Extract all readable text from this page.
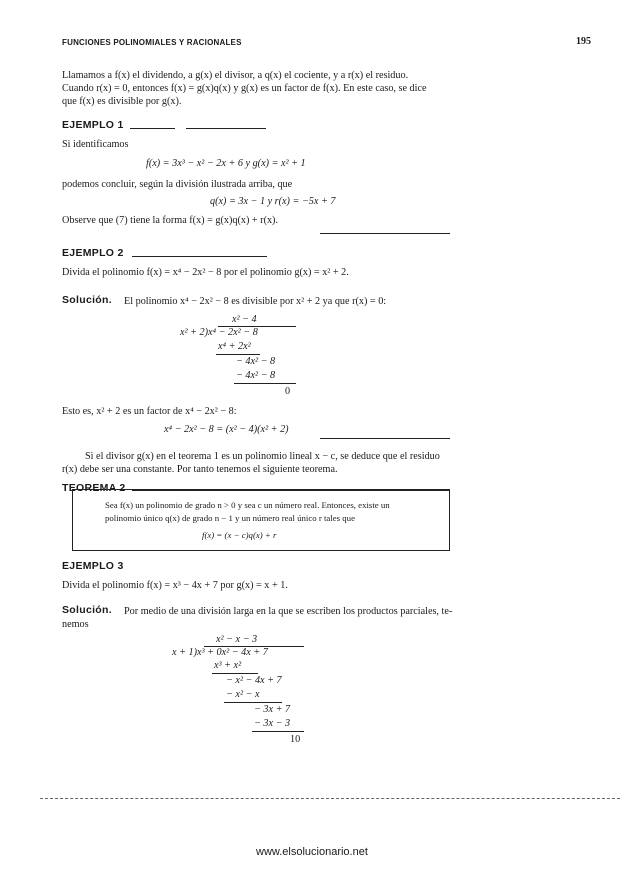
FUNCIONES POLINOMIALES Y RACIONALES	195
Llamamos a f(x) el dividendo, a g(x) el divisor, a q(x) el cociente, y a r(x) el residuo.
Cuando r(x) = 0, entonces f(x) = g(x)q(x) y g(x) es un factor de f(x). En este caso, se dice
que f(x) es divisible por g(x).
EJEMPLO 1
Si identificamos
f(x) = 3x³ − x² − 2x + 6 y g(x) = x² + 1
podemos concluir, según la división ilustrada arriba, que
q(x) = 3x − 1 y r(x) = −5x + 7
Observe que (7) tiene la forma f(x) = g(x)q(x) + r(x).
EJEMPLO 2
Divida el polinomio f(x) = x⁴ − 2x² − 8 por el polinomio g(x) = x² + 2.
Solución. El polinomio x⁴ − 2x² − 8 es divisible por x² + 2 ya que r(x) = 0:
x² − 4
x² + 2)x⁴ − 2x² − 8
x⁴ + 2x²
− 4x² − 8
− 4x² − 8
0
Esto es, x² + 2 es un factor de x⁴ − 2x² − 8:
x⁴ − 2x² − 8 = (x² − 4)(x² + 2)
Si el divisor g(x) en el teorema 1 es un polinomio lineal x − c, se deduce que el residuo
r(x) debe ser una constante. Por tanto tenemos el siguiente teorema.
TEOREMA 2
Sea f(x) un polinomio de grado n > 0 y sea c un número real. Entonces, existe un
polinomio único q(x) de grado n − 1 y un número real único r tales que
f(x) = (x − c)q(x) + r
EJEMPLO 3
Divida el polinomio f(x) = x³ − 4x + 7 por g(x) = x + 1.
Solución. Por medio de una división larga en la que se escriben los productos parciales, te-
nemos
x² − x − 3
x + 1)x³ + 0x² − 4x + 7
x³ + x²
− x² − 4x + 7
− x² − x
− 3x + 7
− 3x − 3
10
www.elsolucionario.net
